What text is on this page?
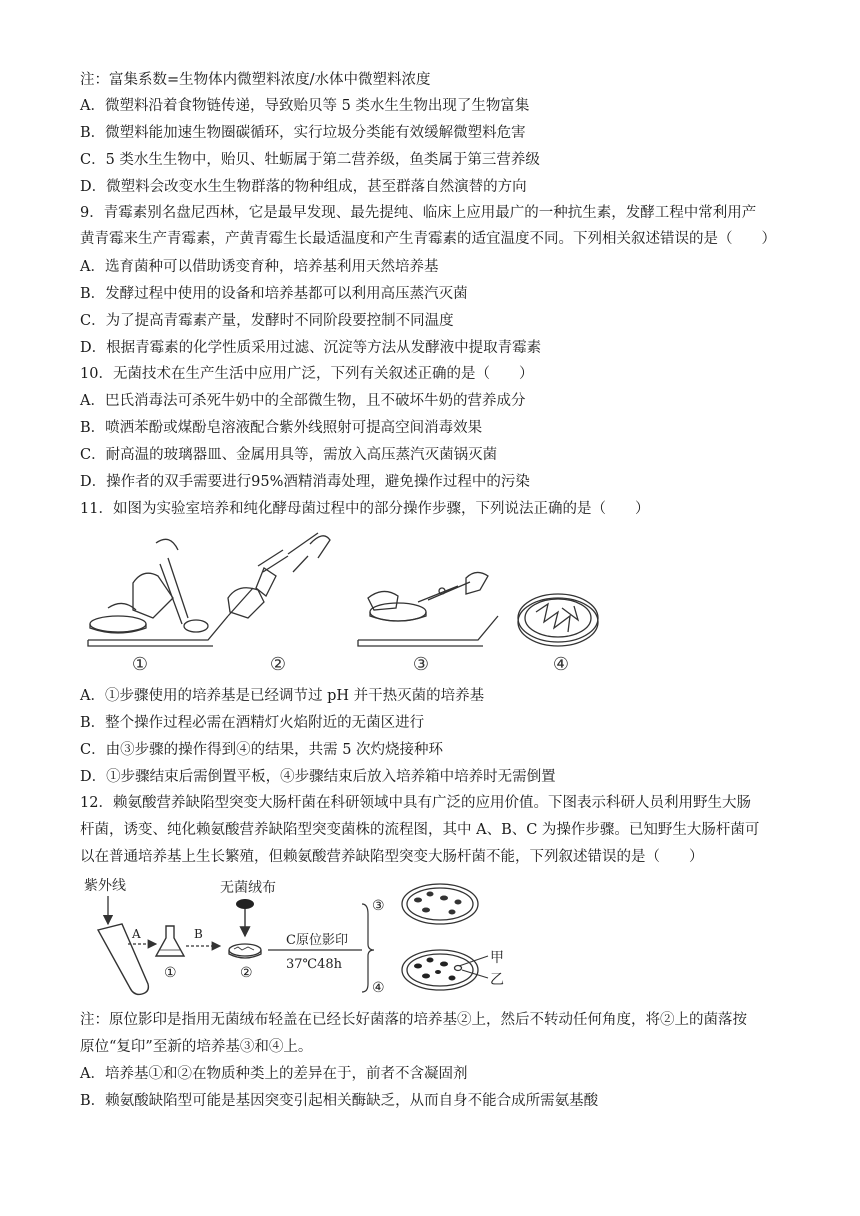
注：富集系数=生物体内微塑料浓度/水体中微塑料浓度
A．微塑料沿着食物链传递，导致贻贝等 5 类水生生物出现了生物富集
B．微塑料能加速生物圈碳循环，实行垃圾分类能有效缓解微塑料危害
C．5 类水生生物中，贻贝、牡蛎属于第二营养级，鱼类属于第三营养级
D．微塑料会改变水生生物群落的物种组成，甚至群落自然演替的方向
9．青霉素别名盘尼西林，它是最早发现、最先提纯、临床上应用最广的一种抗生素，发酵工程中常利用产
黄青霉来生产青霉素，产黄青霉生长最适温度和产生青霉素的适宜温度不同。下列相关叙述错误的是（　　）
A．选育菌种可以借助诱变育种，培养基利用天然培养基
B．发酵过程中使用的设备和培养基都可以利用高压蒸汽灭菌
C．为了提高青霉素产量，发酵时不同阶段要控制不同温度
D．根据青霉素的化学性质采用过滤、沉淀等方法从发酵液中提取青霉素
10．无菌技术在生产生活中应用广泛，下列有关叙述正确的是（　　）
A．巴氏消毒法可杀死牛奶中的全部微生物，且不破坏牛奶的营养成分
B．喷洒苯酚或煤酚皂溶液配合紫外线照射可提高空间消毒效果
C．耐高温的玻璃器皿、金属用具等，需放入高压蒸汽灭菌锅灭菌
D．操作者的双手需要进行95%酒精消毒处理，避免操作过程中的污染
11．如图为实验室培养和纯化酵母菌过程中的部分操作步骤，下列说法正确的是（　　）
①	②	③	④
A．①步骤使用的培养基是已经调节过 pH 并干热灭菌的培养基
B．整个操作过程必需在酒精灯火焰附近的无菌区进行
C．由③步骤的操作得到④的结果，共需 5 次灼烧接种环
D．①步骤结束后需倒置平板，④步骤结束后放入培养箱中培养时无需倒置
12．赖氨酸营养缺陷型突变大肠杆菌在科研领域中具有广泛的应用价值。下图表示科研人员利用野生大肠
杆菌，诱变、纯化赖氨酸营养缺陷型突变菌株的流程图，其中 A、B、C 为操作步骤。已知野生大肠杆菌可
以在普通培养基上生长繁殖，但赖氨酸营养缺陷型突变大肠杆菌不能，下列叙述错误的是（　　）
紫外线
A
①
B
无菌绒布
②
C原位影印
37℃48h
③
④
甲
乙
注：原位影印是指用无菌绒布轻盖在已经长好菌落的培养基②上，然后不转动任何角度，将②上的菌落按
原位“复印”至新的培养基③和④上。
A．培养基①和②在物质种类上的差异在于，前者不含凝固剂
B．赖氨酸缺陷型可能是基因突变引起相关酶缺乏，从而自身不能合成所需氨基酸
